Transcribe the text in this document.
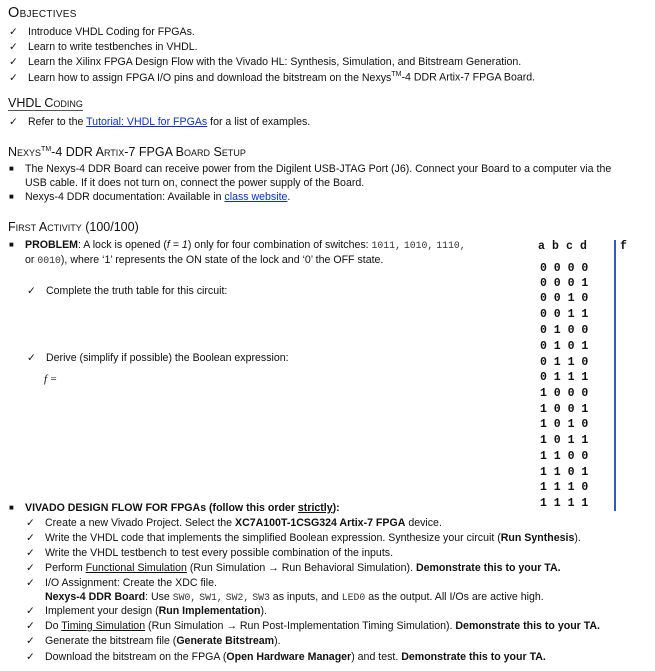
Objectives
✓ Introduce VHDL Coding for FPGAs.
✓ Learn to write testbenches in VHDL.
✓ Learn the Xilinx FPGA Design Flow with the Vivado HL: Synthesis, Simulation, and Bitstream Generation.
✓ Learn how to assign FPGA I/O pins and download the bitstream on the Nexys™-4 DDR Artix-7 FPGA Board.
VHDL Coding
✓ Refer to the Tutorial: VHDL for FPGAs for a list of examples.
Nexys™-4 DDR Artix-7 FPGA Board Setup
■ The Nexys-4 DDR Board can receive power from the Digilent USB-JTAG Port (J6). Connect your Board to a computer via the
USB cable. If it does not turn on, connect the power supply of the Board.
■ Nexys-4 DDR documentation: Available in class website.
First Activity (100/100)
■ PROBLEM: A lock is opened (f = 1) only for four combination of switches: 1011, 1010, 1110,
or 0010), where ‘1’ represents the ON state of the lock and ‘0’ the OFF state.
✓ Complete the truth table for this circuit:
✓ Derive (simplify if possible) the Boolean expression:
f =
a b c d	f
0 0 0 0
0 0 0 1
0 0 1 0
0 0 1 1
0 1 0 0
0 1 0 1
0 1 1 0
0 1 1 1
1 0 0 0
1 0 0 1
1 0 1 0
1 0 1 1
1 1 0 0
1 1 0 1
1 1 1 0
1 1 1 1
■ VIVADO DESIGN FLOW FOR FPGAs (follow this order strictly):
✓ Create a new Vivado Project. Select the XC7A100T-1CSG324 Artix-7 FPGA device.
✓ Write the VHDL code that implements the simplified Boolean expression. Synthesize your circuit (Run Synthesis).
✓ Write the VHDL testbench to test every possible combination of the inputs.
✓ Perform Functional Simulation (Run Simulation → Run Behavioral Simulation). Demonstrate this to your TA.
✓ I/O Assignment: Create the XDC file.
Nexys-4 DDR Board: Use SW0, SW1, SW2, SW3 as inputs, and LED0 as the output. All I/Os are active high.
✓ Implement your design (Run Implementation).
✓ Do Timing Simulation (Run Simulation → Run Post-Implementation Timing Simulation). Demonstrate this to your TA.
✓ Generate the bitstream file (Generate Bitstream).
✓ Download the bitstream on the FPGA (Open Hardware Manager) and test. Demonstrate this to your TA.
